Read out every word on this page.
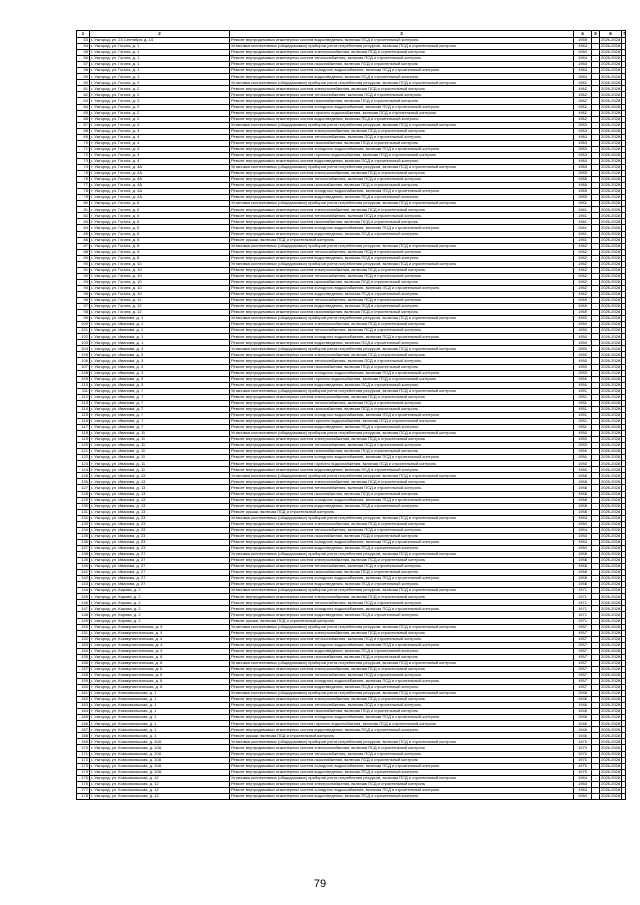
1	2	3	4	5	6	7
53	г. Ужгород, ул. 23 Сентября, д. 14	Ремонт внутридомовых инженерных систем водоотведения, включая ПСД и строительный контроль	1959		2026-2028	
54	г. Ужгород, ул. Гоголя, д. 1	Установка коллективных (общедомовых) приборов учета потребления ресурсов, включая ПСД и строительный контроль	1964		2026-2028	
55	г. Ужгород, ул. Гоголя, д. 1	Ремонт внутридомовых инженерных систем электроснабжения, включая ПСД и строительный контроль	1964		2026-2028	
56	г. Ужгород, ул. Гоголя, д. 1	Ремонт внутридомовых инженерных систем теплоснабжения, включая ПСД и строительный контроль	1964		2026-2028	
57	г. Ужгород, ул. Гоголя, д. 1	Ремонт внутридомовых инженерных систем газоснабжения, включая ПСД и строительный контроль	1964		2026-2028	
58	г. Ужгород, ул. Гоголя, д. 1	Ремонт внутридомовых инженерных систем холодного водоснабжения, включая ПСД и строительный контроль	1964		2026-2028	
59	г. Ужгород, ул. Гоголя, д. 1	Ремонт внутридомовых инженерных систем водоотведения, включая ПСД и строительный контроль	1964		2026-2028	
60	г. Ужгород, ул. Гоголя, д. 2	Установка коллективных (общедомовых) приборов учета потребления ресурсов, включая ПСД и строительный контроль	1962		2026-2028	
61	г. Ужгород, ул. Гоголя, д. 2	Ремонт внутридомовых инженерных систем электроснабжения, включая ПСД и строительный контроль	1962		2026-2028	
62	г. Ужгород, ул. Гоголя, д. 2	Ремонт внутридомовых инженерных систем теплоснабжения, включая ПСД и строительный контроль	1962		2026-2028	
63	г. Ужгород, ул. Гоголя, д. 2	Ремонт внутридомовых инженерных систем газоснабжения, включая ПСД и строительный контроль	1962		2026-2028	
64	г. Ужгород, ул. Гоголя, д. 2	Ремонт внутридомовых инженерных систем холодного водоснабжения, включая ПСД и строительный контроль	1962		2026-2028	
65	г. Ужгород, ул. Гоголя, д. 2	Ремонт внутридомовых инженерных систем горячего водоснабжения, включая ПСД и строительный контроль	1962		2026-2028	
66	г. Ужгород, ул. Гоголя, д. 2	Ремонт внутридомовых инженерных систем водоотведения, включая ПСД и строительный контроль	1962		2026-2028	
67	г. Ужгород, ул. Гоголя, д. 4	Установка коллективных (общедомовых) приборов учета потребления ресурсов, включая ПСД и строительный контроль	1963		2026-2028	
68	г. Ужгород, ул. Гоголя, д. 4	Ремонт внутридомовых инженерных систем электроснабжения, включая ПСД и строительный контроль	1963		2026-2028	
69	г. Ужгород, ул. Гоголя, д. 4	Ремонт внутридомовых инженерных систем теплоснабжения, включая ПСД и строительный контроль	1963		2026-2028	
70	г. Ужгород, ул. Гоголя, д. 4	Ремонт внутридомовых инженерных систем газоснабжения, включая ПСД и строительный контроль	1963		2026-2028	
71	г. Ужгород, ул. Гоголя, д. 4	Ремонт внутридомовых инженерных систем холодного водоснабжения, включая ПСД и строительный контроль	1963		2026-2028	
72	г. Ужгород, ул. Гоголя, д. 4	Ремонт внутридомовых инженерных систем горячего водоснабжения, включая ПСД и строительный контроль	1963		2026-2028	
73	г. Ужгород, ул. Гоголя, д. 4	Ремонт внутридомовых инженерных систем водоотведения, включая ПСД и строительный контроль	1963		2026-2028	
74	г. Ужгород, ул. Гоголя, д. 4А	Установка коллективных (общедомовых) приборов учета потребления ресурсов, включая ПСД и строительный контроль	1965		2026-2028	
75	г. Ужгород, ул. Гоголя, д. 4А	Ремонт внутридомовых инженерных систем электроснабжения, включая ПСД и строительный контроль	1965		2026-2028	
76	г. Ужгород, ул. Гоголя, д. 4А	Ремонт внутридомовых инженерных систем теплоснабжения, включая ПСД и строительный контроль	1965		2026-2028	
77	г. Ужгород, ул. Гоголя, д. 4А	Ремонт внутридомовых инженерных систем газоснабжения, включая ПСД и строительный контроль	1965		2026-2028	
78	г. Ужгород, ул. Гоголя, д. 4А	Ремонт внутридомовых инженерных систем холодного водоснабжения, включая ПСД и строительный контроль	1965		2026-2028	
79	г. Ужгород, ул. Гоголя, д. 4А	Ремонт внутридомовых инженерных систем водоотведения, включая ПСД и строительный контроль	1965		2026-2028	
80	г. Ужгород, ул. Гоголя, д. 6	Установка коллективных (общедомовых) приборов учета потребления ресурсов, включая ПСД и строительный контроль	1961		2026-2028	
81	г. Ужгород, ул. Гоголя, д. 6	Ремонт внутридомовых инженерных систем электроснабжения, включая ПСД и строительный контроль	1961		2026-2028	
82	г. Ужгород, ул. Гоголя, д. 6	Ремонт внутридомовых инженерных систем теплоснабжения, включая ПСД и строительный контроль	1961		2026-2028	
83	г. Ужгород, ул. Гоголя, д. 6	Ремонт внутридомовых инженерных систем газоснабжения, включая ПСД и строительный контроль	1961		2026-2028	
84	г. Ужгород, ул. Гоголя, д. 6	Ремонт внутридомовых инженерных систем холодного водоснабжения, включая ПСД и строительный контроль	1961		2026-2028	
85	г. Ужгород, ул. Гоголя, д. 6	Ремонт внутридомовых инженерных систем водоотведения, включая ПСД и строительный контроль	1961		2026-2028	
86	г. Ужгород, ул. Гоголя, д. 6	Ремонт крыши, включая ПСД и строительный контроль	1961		2026-2028	
87	г. Ужгород, ул. Гоголя, д. 8	Установка коллективных (общедомовых) приборов учета потребления ресурсов, включая ПСД и строительный контроль	1962		2026-2028	
88	г. Ужгород, ул. Гоголя, д. 8	Ремонт внутридомовых инженерных систем теплоснабжения, включая ПСД и строительный контроль	1962		2026-2028	
89	г. Ужгород, ул. Гоголя, д. 8	Ремонт внутридомовых инженерных систем водоотведения, включая ПСД и строительный контроль	1962		2026-2028	
90	г. Ужгород, ул. Гоголя, д. 10	Установка коллективных (общедомовых) приборов учета потребления ресурсов, включая ПСД и строительный контроль	1962		2026-2028	
91	г. Ужгород, ул. Гоголя, д. 10	Ремонт внутридомовых инженерных систем электроснабжения, включая ПСД и строительный контроль	1962		2026-2028	
92	г. Ужгород, ул. Гоголя, д. 10	Ремонт внутридомовых инженерных систем теплоснабжения, включая ПСД и строительный контроль	1962		2026-2028	
93	г. Ужгород, ул. Гоголя, д. 10	Ремонт внутридомовых инженерных систем газоснабжения, включая ПСД и строительный контроль	1962		2026-2028	
94	г. Ужгород, ул. Гоголя, д. 10	Ремонт внутридомовых инженерных систем холодного водоснабжения, включая ПСД и строительный контроль	1962		2026-2028	
95	г. Ужгород, ул. Гоголя, д. 10	Ремонт внутридомовых инженерных систем водоотведения, включая ПСД и строительный контроль	1962		2026-2028	
96	г. Ужгород, ул. Гоголя, д. 12	Ремонт внутридомовых инженерных систем теплоснабжения, включая ПСД и строительный контроль	1969		2026-2028	
97	г. Ужгород, ул. Гоголя, д. 12	Ремонт внутридомовых инженерных систем водоотведения, включая ПСД и строительный контроль	1969		2026-2028	
98	г. Ужгород, ул. Гоголя, д. 12	Ремонт внутридомовых инженерных систем газоснабжения, включая ПСД и строительный контроль	1969		2026-2028	
99	г. Ужгород, ул. Иванова, д. 1	Установка коллективных (общедомовых) приборов учета потребления ресурсов, включая ПСД и строительный контроль	1950		2026-2028	
100	г. Ужгород, ул. Иванова, д. 1	Ремонт внутридомовых инженерных систем электроснабжения, включая ПСД и строительный контроль	1950		2026-2028	
101	г. Ужгород, ул. Иванова, д. 1	Ремонт внутридомовых инженерных систем теплоснабжения, включая ПСД и строительный контроль	1950		2026-2028	
102	г. Ужгород, ул. Иванова, д. 1	Ремонт внутридомовых инженерных систем холодного водоснабжения, включая ПСД и строительный контроль	1950		2026-2028	
103	г. Ужгород, ул. Иванова, д. 1	Ремонт внутридомовых инженерных систем водоотведения, включая ПСД и строительный контроль	1950		2026-2028	
104	г. Ужгород, ул. Иванова, д. 3	Установка коллективных (общедомовых) приборов учета потребления ресурсов, включая ПСД и строительный контроль	1950		2026-2028	
105	г. Ужгород, ул. Иванова, д. 3	Ремонт внутридомовых инженерных систем электроснабжения, включая ПСД и строительный контроль	1950		2026-2028	
106	г. Ужгород, ул. Иванова, д. 3	Ремонт внутридомовых инженерных систем теплоснабжения, включая ПСД и строительный контроль	1950		2026-2028	
107	г. Ужгород, ул. Иванова, д. 3	Ремонт внутридомовых инженерных систем газоснабжения, включая ПСД и строительный контроль	1950		2026-2028	
108	г. Ужгород, ул. Иванова, д. 3	Ремонт внутридомовых инженерных систем холодного водоснабжения, включая ПСД и строительный контроль	1950		2026-2028	
109	г. Ужгород, ул. Иванова, д. 3	Ремонт внутридомовых инженерных систем горячего водоснабжения, включая ПСД и строительный контроль	1950		2026-2028	
110	г. Ужгород, ул. Иванова, д. 3	Ремонт внутридомовых инженерных систем водоотведения, включая ПСД и строительный контроль	1950		2026-2028	
111	г. Ужгород, ул. Иванова, д. 7	Установка коллективных (общедомовых) приборов учета потребления ресурсов, включая ПСД и строительный контроль	1951		2026-2028	
112	г. Ужгород, ул. Иванова, д. 7	Ремонт внутридомовых инженерных систем электроснабжения, включая ПСД и строительный контроль	1951		2026-2028	
113	г. Ужгород, ул. Иванова, д. 7	Ремонт внутридомовых инженерных систем теплоснабжения, включая ПСД и строительный контроль	1951		2026-2028	
114	г. Ужгород, ул. Иванова, д. 7	Ремонт внутридомовых инженерных систем газоснабжения, включая ПСД и строительный контроль	1951		2026-2028	
115	г. Ужгород, ул. Иванова, д. 7	Ремонт внутридомовых инженерных систем холодного водоснабжения, включая ПСД и строительный контроль	1951		2026-2028	
116	г. Ужгород, ул. Иванова, д. 7	Ремонт внутридомовых инженерных систем горячего водоснабжения, включая ПСД и строительный контроль	1951		2026-2028	
117	г. Ужгород, ул. Иванова, д. 7	Ремонт внутридомовых инженерных систем водоотведения, включая ПСД и строительный контроль	1951		2026-2028	
118	г. Ужгород, ул. Иванова, д. 11	Установка коллективных (общедомовых) приборов учета потребления ресурсов, включая ПСД и строительный контроль	1950		2026-2028	
119	г. Ужгород, ул. Иванова, д. 11	Ремонт внутридомовых инженерных систем электроснабжения, включая ПСД и строительный контроль	1950		2026-2028	
120	г. Ужгород, ул. Иванова, д. 11	Ремонт внутридомовых инженерных систем теплоснабжения, включая ПСД и строительный контроль	1950		2026-2028	
121	г. Ужгород, ул. Иванова, д. 11	Ремонт внутридомовых инженерных систем газоснабжения, включая ПСД и строительный контроль	1950		2026-2028	
122	г. Ужгород, ул. Иванова, д. 11	Ремонт внутридомовых инженерных систем холодного водоснабжения, включая ПСД и строительный контроль	1950		2026-2028	
123	г. Ужгород, ул. Иванова, д. 11	Ремонт внутридомовых инженерных систем горячего водоснабжения, включая ПСД и строительный контроль	1950		2026-2028	
124	г. Ужгород, ул. Иванова, д. 11	Ремонт внутридомовых инженерных систем водоотведения, включая ПСД и строительный контроль	1950		2026-2028	
125	г. Ужгород, ул. Иванова, д. 13	Установка коллективных (общедомовых) приборов учета потребления ресурсов, включая ПСД и строительный контроль	1958		2026-2028	
126	г. Ужгород, ул. Иванова, д. 13	Ремонт внутридомовых инженерных систем электроснабжения, включая ПСД и строительный контроль	1958		2026-2028	
127	г. Ужгород, ул. Иванова, д. 13	Ремонт внутридомовых инженерных систем теплоснабжения, включая ПСД и строительный контроль	1958		2026-2028	
128	г. Ужгород, ул. Иванова, д. 13	Ремонт внутридомовых инженерных систем газоснабжения, включая ПСД и строительный контроль	1958		2026-2028	
129	г. Ужгород, ул. Иванова, д. 13	Ремонт внутридомовых инженерных систем холодного водоснабжения, включая ПСД и строительный контроль	1958		2026-2028	
130	г. Ужгород, ул. Иванова, д. 13	Ремонт внутридомовых инженерных систем водоотведения, включая ПСД и строительный контроль	1958		2026-2028	
131	г. Ужгород, ул. Иванова, д. 13	Ремонт крыши, включая ПСД и строительный контроль	1958		2026-2028	
132	г. Ужгород, ул. Иванова, д. 23	Установка коллективных (общедомовых) приборов учета потребления ресурсов, включая ПСД и строительный контроль	1954		2026-2028	
133	г. Ужгород, ул. Иванова, д. 23	Ремонт внутридомовых инженерных систем электроснабжения, включая ПСД и строительный контроль	1954		2026-2028	
134	г. Ужгород, ул. Иванова, д. 23	Ремонт внутридомовых инженерных систем теплоснабжения, включая ПСД и строительный контроль	1954		2026-2028	
135	г. Ужгород, ул. Иванова, д. 23	Ремонт внутридомовых инженерных систем газоснабжения, включая ПСД и строительный контроль	1954		2026-2028	
136	г. Ужгород, ул. Иванова, д. 23	Ремонт внутридомовых инженерных систем холодного водоснабжения, включая ПСД и строительный контроль	1954		2026-2028	
137	г. Ужгород, ул. Иванова, д. 23	Ремонт внутридомовых инженерных систем водоотведения, включая ПСД и строительный контроль	1954		2026-2028	
138	г. Ужгород, ул. Иванова, д. 27	Установка коллективных (общедомовых) приборов учета потребления ресурсов, включая ПСД и строительный контроль	1958		2026-2028	
139	г. Ужгород, ул. Иванова, д. 27	Ремонт внутридомовых инженерных систем электроснабжения, включая ПСД и строительный контроль	1958		2026-2028	
140	г. Ужгород, ул. Иванова, д. 27	Ремонт внутридомовых инженерных систем теплоснабжения, включая ПСД и строительный контроль	1958		2026-2028	
141	г. Ужгород, ул. Иванова, д. 27	Ремонт внутридомовых инженерных систем газоснабжения, включая ПСД и строительный контроль	1958		2026-2028	
142	г. Ужгород, ул. Иванова, д. 27	Ремонт внутридомовых инженерных систем холодного водоснабжения, включая ПСД и строительный контроль	1958		2026-2028	
143	г. Ужгород, ул. Иванова, д. 27	Ремонт внутридомовых инженерных систем водоотведения, включая ПСД и строительный контроль	1958		2026-2028	
144	г. Ужгород, ул. Кирова, д. 2	Установка коллективных (общедомовых) приборов учета потребления ресурсов, включая ПСД и строительный контроль	1971		2026-2028	
145	г. Ужгород, ул. Кирова, д. 2	Ремонт внутридомовых инженерных систем электроснабжения, включая ПСД и строительный контроль	1971		2026-2028	
146	г. Ужгород, ул. Кирова, д. 2	Ремонт внутридомовых инженерных систем теплоснабжения, включая ПСД и строительный контроль	1971		2026-2028	
147	г. Ужгород, ул. Кирова, д. 2	Ремонт внутридомовых инженерных систем холодного водоснабжения, включая ПСД и строительный контроль	1971		2026-2028	
148	г. Ужгород, ул. Кирова, д. 2	Ремонт внутридомовых инженерных систем водоотведения, включая ПСД и строительный контроль	1971		2026-2028	
149	г. Ужгород, ул. Кирова, д. 2	Ремонт крыши, включая ПСД и строительный контроль	1971		2026-2028	
150	г. Ужгород, ул. Коммунистическая, д. 4	Установка коллективных (общедомовых) приборов учета потребления ресурсов, включая ПСД и строительный контроль	1957		2026-2028	
151	г. Ужгород, ул. Коммунистическая, д. 4	Ремонт внутридомовых инженерных систем электроснабжения, включая ПСД и строительный контроль	1957		2026-2028	
152	г. Ужгород, ул. Коммунистическая, д. 4	Ремонт внутридомовых инженерных систем теплоснабжения, включая ПСД и строительный контроль	1957		2026-2028	
153	г. Ужгород, ул. Коммунистическая, д. 4	Ремонт внутридомовых инженерных систем холодного водоснабжения, включая ПСД и строительный контроль	1957		2026-2028	
154	г. Ужгород, ул. Коммунистическая, д. 4	Ремонт внутридомовых инженерных систем водоотведения, включая ПСД и строительный контроль	1957		2026-2028	
155	г. Ужгород, ул. Коммунистическая, д. 6	Ремонт внутридомовых инженерных систем газоснабжения, включая ПСД и строительный контроль	1957		2026-2028	
156	г. Ужгород, ул. Коммунистическая, д. 6	Установка коллективных (общедомовых) приборов учета потребления ресурсов, включая ПСД и строительный контроль	1957		2026-2028	
157	г. Ужгород, ул. Коммунистическая, д. 6	Ремонт внутридомовых инженерных систем электроснабжения, включая ПСД и строительный контроль	1957		2026-2028	
158	г. Ужгород, ул. Коммунистическая, д. 6	Ремонт внутридомовых инженерных систем теплоснабжения, включая ПСД и строительный контроль	1957		2026-2028	
159	г. Ужгород, ул. Коммунистическая, д. 6	Ремонт внутридомовых инженерных систем холодного водоснабжения, включая ПСД и строительный контроль	1957		2026-2028	
160	г. Ужгород, ул. Коммунистическая, д. 6	Ремонт внутридомовых инженерных систем водоотведения, включая ПСД и строительный контроль	1957		2026-2028	
161	г. Ужгород, ул. Комсомольская, д. 1	Установка коллективных (общедомовых) приборов учета потребления ресурсов, включая ПСД и строительный контроль	1946		2026-2028	
162	г. Ужгород, ул. Комсомольская, д. 1	Ремонт внутридомовых инженерных систем электроснабжения, включая ПСД и строительный контроль	1946		2026-2028	
163	г. Ужгород, ул. Комсомольская, д. 1	Ремонт внутридомовых инженерных систем теплоснабжения, включая ПСД и строительный контроль	1946		2026-2028	
164	г. Ужгород, ул. Комсомольская, д. 1	Ремонт внутридомовых инженерных систем газоснабжения, включая ПСД и строительный контроль	1946		2026-2028	
165	г. Ужгород, ул. Комсомольская, д. 1	Ремонт внутридомовых инженерных систем холодного водоснабжения, включая ПСД и строительный контроль	1946		2026-2028	
166	г. Ужгород, ул. Комсомольская, д. 1	Ремонт внутридомовых инженерных систем горячего водоснабжения, включая ПСД и строительный контроль	1946		2026-2028	
167	г. Ужгород, ул. Комсомольская, д. 1	Ремонт внутридомовых инженерных систем водоотведения, включая ПСД и строительный контроль	1946		2026-2028	
168	г. Ужгород, ул. Комсомольская, д. 1	Ремонт крыши, включая ПСД и строительный контроль	1946		2026-2028	
169	г. Ужгород, ул. Комсомольская, д. 10А	Установка коллективных (общедомовых) приборов учета потребления ресурсов, включая ПСД и строительный контроль	1970		2026-2028	
170	г. Ужгород, ул. Комсомольская, д. 10А	Ремонт внутридомовых инженерных систем электроснабжения, включая ПСД и строительный контроль	1970		2026-2028	
171	г. Ужгород, ул. Комсомольская, д. 10А	Ремонт внутридомовых инженерных систем теплоснабжения, включая ПСД и строительный контроль	1970		2026-2028	
172	г. Ужгород, ул. Комсомольская, д. 10А	Ремонт внутридомовых инженерных систем газоснабжения, включая ПСД и строительный контроль	1970		2026-2028	
173	г. Ужгород, ул. Комсомольская, д. 10А	Ремонт внутридомовых инженерных систем холодного водоснабжения, включая ПСД и строительный контроль	1970		2026-2028	
174	г. Ужгород, ул. Комсомольская, д. 10А	Ремонт внутридомовых инженерных систем водоотведения, включая ПСД и строительный контроль	1970		2026-2028	
175	г. Ужгород, ул. Комсомольская, д. 12	Установка коллективных (общедомовых) приборов учета потребления ресурсов, включая ПСД и строительный контроль	1964		2026-2028	
176	г. Ужгород, ул. Комсомольская, д. 12	Ремонт внутридомовых инженерных систем электроснабжения, включая ПСД и строительный контроль	1964		2026-2028	
177	г. Ужгород, ул. Комсомольская, д. 12	Ремонт внутридомовых инженерных систем холодного водоснабжения, включая ПСД и строительный контроль	1964		2026-2028	
178	г. Ужгород, ул. Комсомольская, д. 12	Ремонт внутридомовых инженерных систем водоотведения, включая ПСД и строительный контроль	1964		2026-2028	
79
